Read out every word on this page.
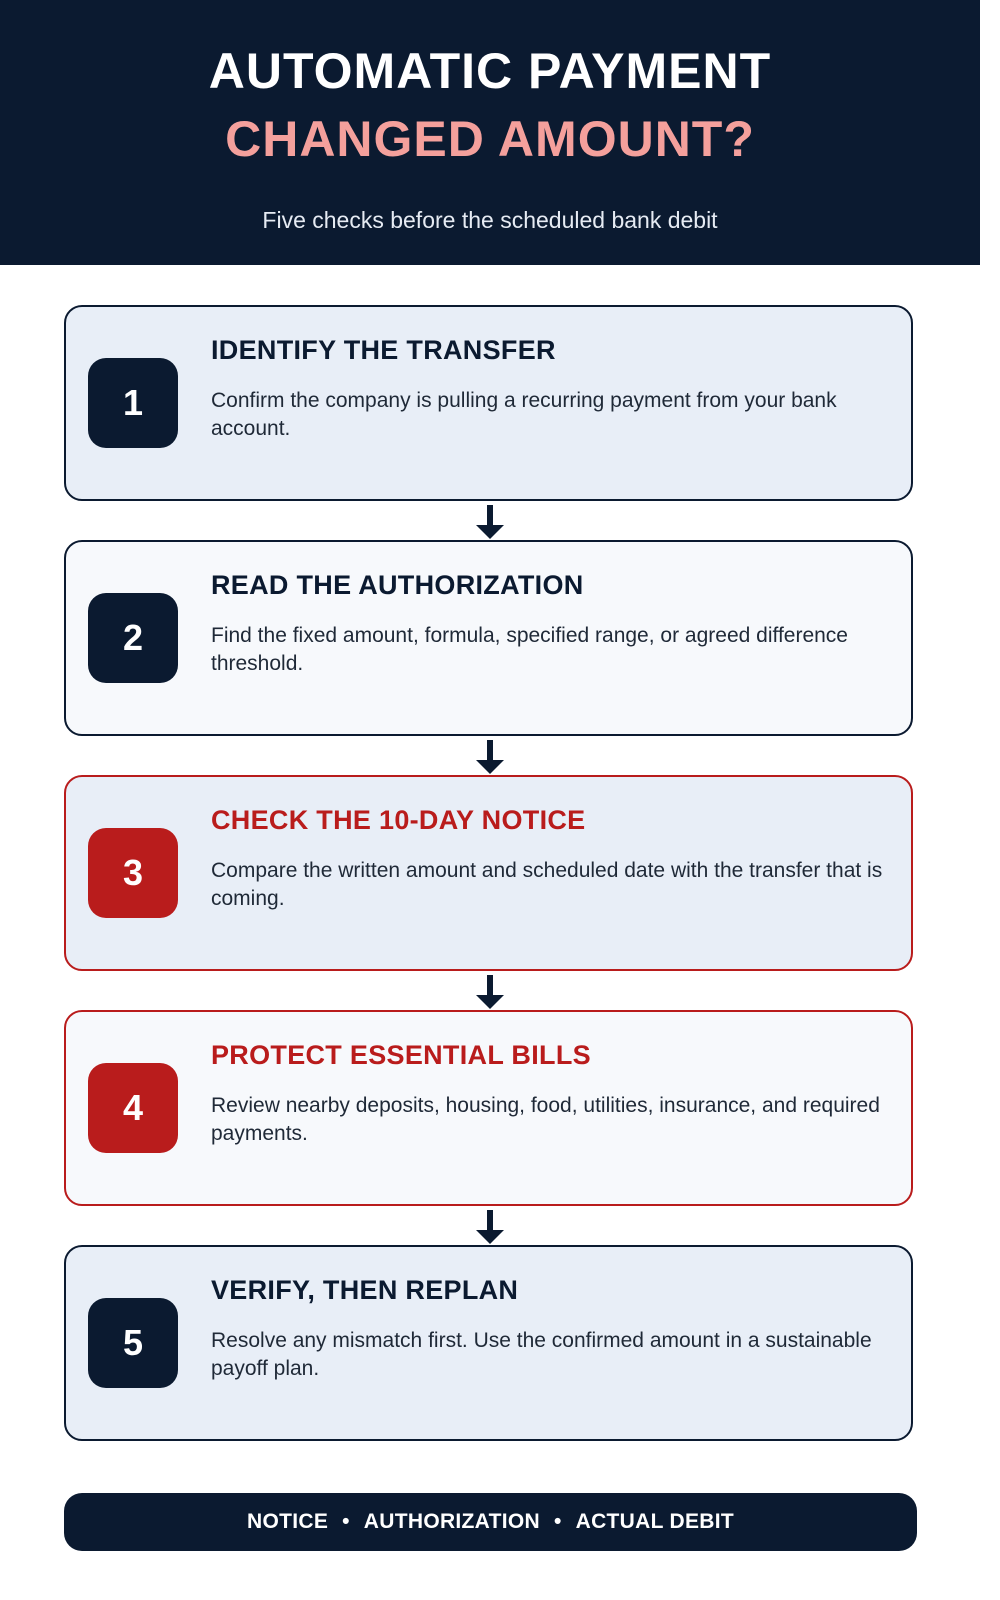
AUTOMATIC PAYMENT
CHANGED AMOUNT?
Five checks before the scheduled bank debit
1
IDENTIFY THE TRANSFER
Confirm the company is pulling a recurring payment from your bank account.
2
READ THE AUTHORIZATION
Find the fixed amount, formula, specified range, or agreed difference threshold.
3
CHECK THE 10-DAY NOTICE
Compare the written amount and scheduled date with the transfer that is coming.
4
PROTECT ESSENTIAL BILLS
Review nearby deposits, housing, food, utilities, insurance, and required payments.
5
VERIFY, THEN REPLAN
Resolve any mismatch first. Use the confirmed amount in a sustainable payoff plan.
NOTICE • AUTHORIZATION • ACTUAL DEBIT
